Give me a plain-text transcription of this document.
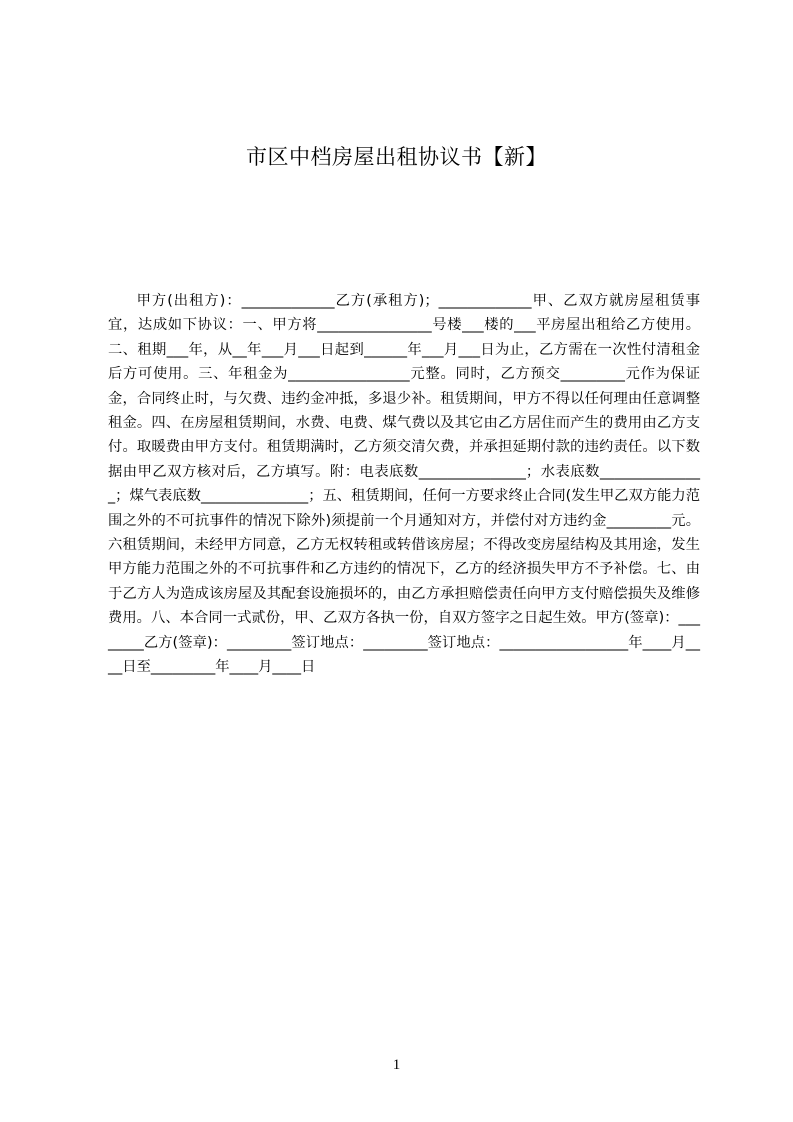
市区中档房屋出租协议书【新】

甲方(出租方)：_____________乙方(承租方)；_____________甲、乙双方就房屋租赁事宜，达成如下协议：一、甲方将________________号楼___楼的___平房屋出租给乙方使用。二、租期___年，从__年___月___日起到______年___月___日为止，乙方需在一次性付清租金后方可使用。三、年租金为_________________元整。同时，乙方预交_________元作为保证金，合同终止时，与欠费、违约金冲抵，多退少补。租赁期间，甲方不得以任何理由任意调整租金。四、在房屋租赁期间，水费、电费、煤气费以及其它由乙方居住而产生的费用由乙方支付。取暖费由甲方支付。租赁期满时，乙方须交清欠费，并承担延期付款的违约责任。以下数据由甲乙双方核对后，乙方填写。附：电表底数_______________；水表底数_______________；煤气表底数_______________；五、租赁期间，任何一方要求终止合同(发生甲乙双方能力范围之外的不可抗事件的情况下除外)须提前一个月通知对方，并偿付对方违约金_________元。六租赁期间，未经甲方同意，乙方无权转租或转借该房屋；不得改变房屋结构及其用途，发生甲方能力范围之外的不可抗事件和乙方违约的情况下，乙方的经济损失甲方不予补偿。七、由于乙方人为造成该房屋及其配套设施损坏的，由乙方承担赔偿责任向甲方支付赔偿损失及维修费用。八、本合同一式贰份，甲、乙双方各执一份，自双方签字之日起生效。甲方(签章)：________乙方(签章)：_________签订地点：_________签订地点：__________________年____月____日至_________年____月____日

1
